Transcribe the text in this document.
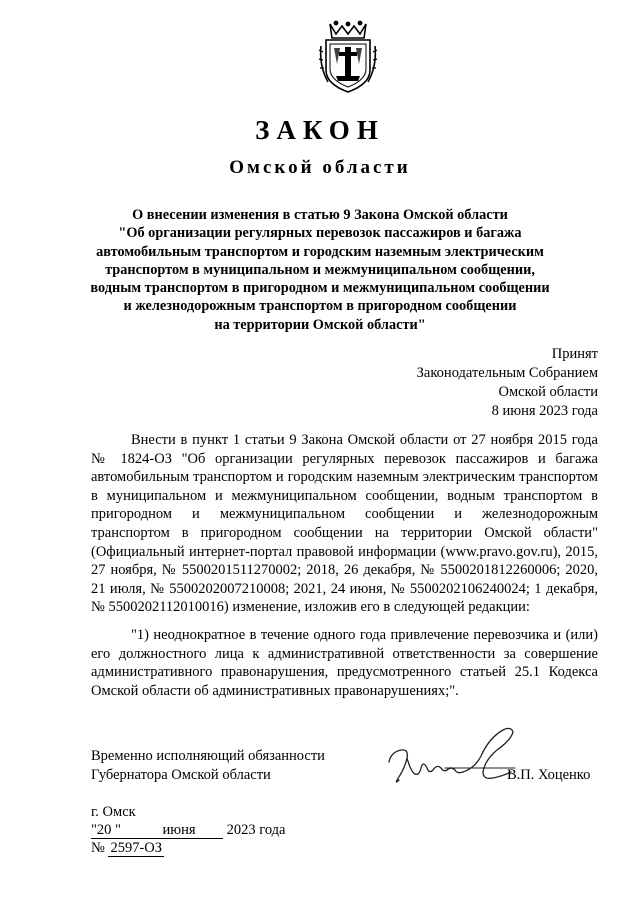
ЗАКОН
Омской области
О внесении изменения в статью 9 Закона Омской области
"Об организации регулярных перевозок пассажиров и багажа
автомобильным транспортом и городским наземным электрическим
транспортом в муниципальном и межмуниципальном сообщении,
водным транспортом в пригородном и межмуниципальном сообщении
и железнодорожным транспортом в пригородном сообщении
на территории Омской области"
Принят
Законодательным Собранием
Омской области
8 июня 2023 года

Внести в пункт 1 статьи 9 Закона Омской области от 27 ноября 2015 года № 1824-ОЗ "Об организации регулярных перевозок пассажиров и багажа автомобильным транспортом и городским наземным электрическим транспортом в муниципальном и межмуниципальном сообщении, водным транспортом в пригородном и межмуниципальном сообщении и железнодорожным транспортом в пригородном сообщении на территории Омской области" (Официальный интернет-портал правовой информации (www.pravo.gov.ru), 2015, 27 ноября, № 5500201511270002; 2018, 26 декабря, № 5500201812260006; 2020, 21 июля, № 5500202007210008; 2021, 24 июня, № 5500202106240024; 1 декабря, № 5500202112010016) изменение, изложив его в следующей редакции:

"1) неоднократное в течение одного года привлечение перевозчика и (или) его должностного лица к административной ответственности за совершение административного правонарушения, предусмотренного статьей 25.1 Кодекса Омской области об административных правонарушениях;".

Временно исполняющий обязанности
Губернатора Омской области	В.П. Хоценко
г. Омск
"20 "	июня 2023 года
№ 2597-ОЗ
